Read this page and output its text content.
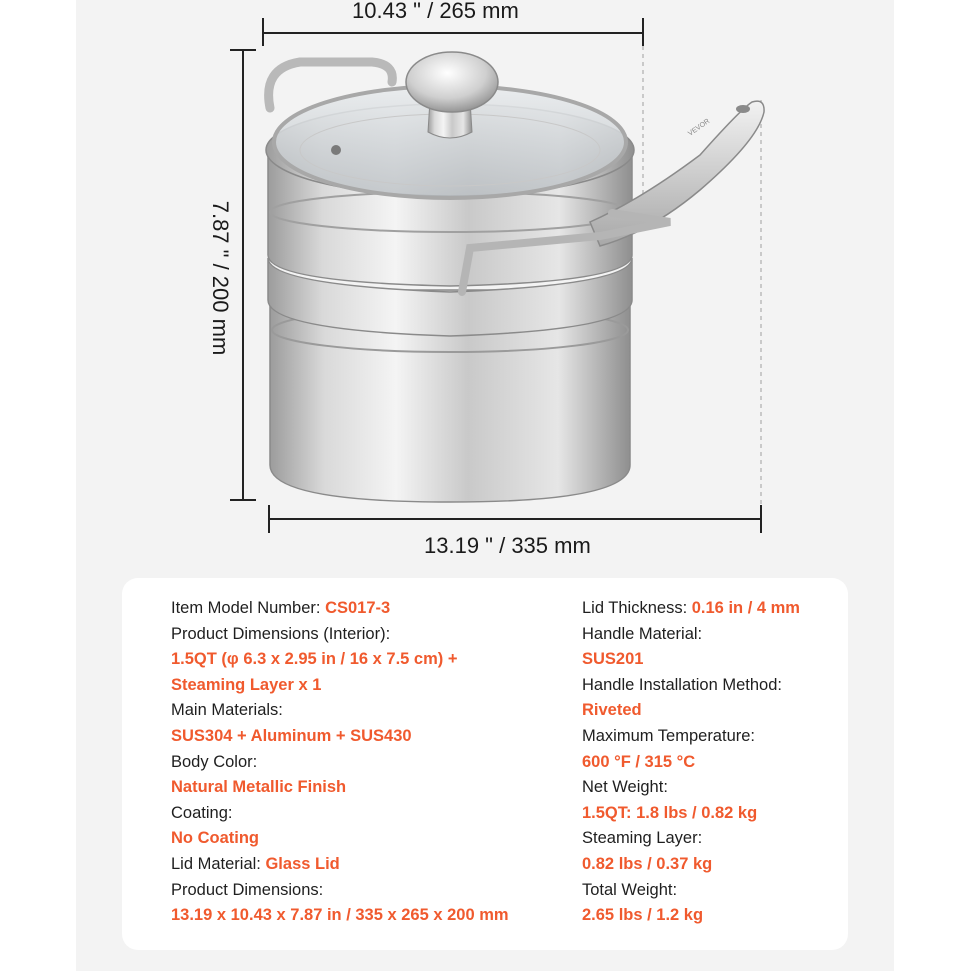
VEVOR
10.43 " / 265 mm
7.87 " / 200 mm
13.19 " / 335 mm
Item Model Number: CS017-3
Product Dimensions (Interior):
1.5QT (φ 6.3 x 2.95 in / 16 x 7.5 cm) +
Steaming Layer x 1
Main Materials:
SUS304 + Aluminum + SUS430
Body Color:
Natural Metallic Finish
Coating:
No Coating
Lid Material: Glass Lid
Product Dimensions:
13.19 x 10.43 x 7.87 in / 335 x 265 x 200 mm
Lid Thickness: 0.16 in / 4 mm
Handle Material:
SUS201
Handle Installation Method:
Riveted
Maximum Temperature:
600 °F / 315 °C
Net Weight:
1.5QT: 1.8 lbs / 0.82 kg
Steaming Layer:
0.82 lbs / 0.37 kg
Total Weight:
2.65 lbs / 1.2 kg
